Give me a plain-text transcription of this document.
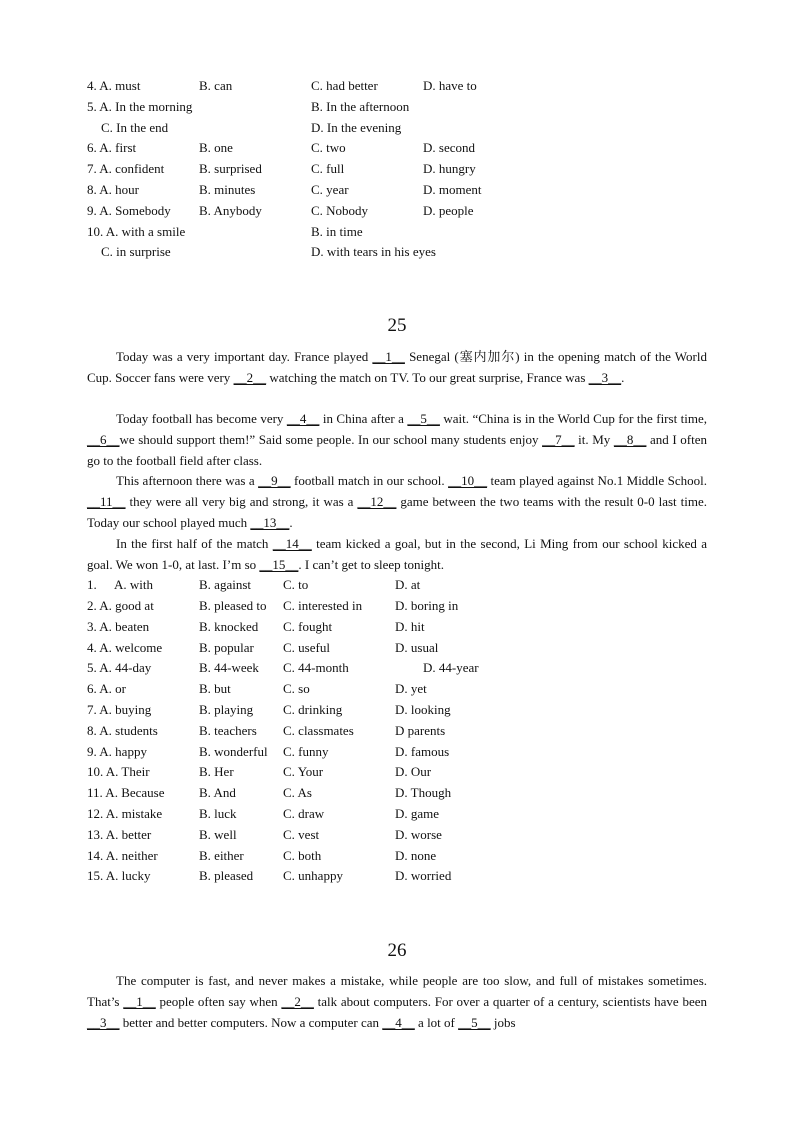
4. A. must	B. can	C. had better	D. have to
5. A. In the morning	B. In the afternoon
C. In the end	D. In the evening
6. A. first	B. one	C. two	D. second
7. A. confident	B. surprised	C. full	D. hungry
8. A. hour	B. minutes	C. year	D. moment
9. A. Somebody B. Anybody	C. Nobody	D. people
10. A. with a smile	B. in time
C. in surprise	D. with tears in his eyes
25

Today was a very important day. France played __1__ Senegal (塞内加尔) in the opening match of the World Cup. Soccer fans were very __2__ watching the match on TV. To our great surprise, France was __3__.

Today football has become very __4__ in China after a __5__ wait. “China is in the World Cup for the first time, __6__we should support them!” Said some people. In our school many students enjoy __7__ it. My __8__ and I often go to the football field after class.

This afternoon there was a __9__ football match in our school. __10__ team played against No.1 Middle School. __11__ they were all very big and strong, it was a __12__ game between the two teams with the result 0-0 last time. Today our school played much __13__.

In the first half of the match __14__ team kicked a goal, but in the second, Li Ming from our school kicked a goal. We won 1-0, at last. I’m so __15__. I can’t get to sleep tonight.

1. A. with	B. against C. to	D. at
2. A. good at	B. pleased to C. interested in	D. boring in
3. A. beaten	B. knocked C. fought	D. hit
4. A. welcome	B. popular C. useful	D. usual
5. A. 44-day	B. 44-week C. 44-month	D. 44-year
6. A. or	B. but	C. so	D. yet
7. A. buying	B. playing C. drinking	D. looking
8. A. students	B. teachers C. classmates	D parents
9. A. happy	B. wonderful C. funny	D. famous
10. A. Their	B. Her	C. Your	D. Our
11. A. Because	B. And	C. As	D. Though
12. A. mistake	B. luck	C. draw	D. game
13. A. better	B. well	C. vest	D. worse
14. A. neither	B. either	C. both	D. none
15. A. lucky	B. pleased C. unhappy	D. worried
26

The computer is fast, and never makes a mistake, while people are too slow, and full of mistakes sometimes. That’s __1__ people often say when __2__ talk about computers. For over a quarter of a century, scientists have been __3__ better and better computers. Now a computer can __4__ a lot of __5__ jobs
